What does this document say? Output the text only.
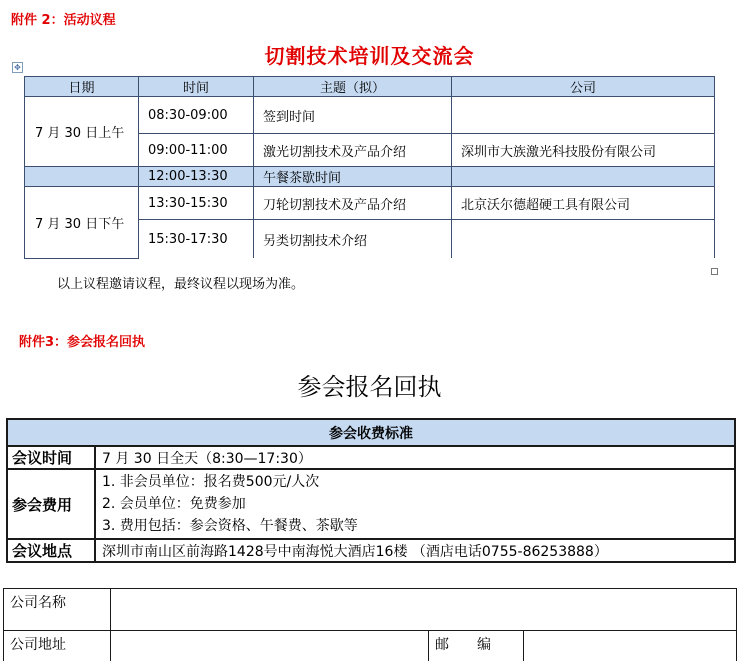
附件 2：活动议程
切割技术培训及交流会
✥
日期	时间	主题（拟）	公司
7 月 30 日上午	08:30-09:00	签到时间	
	09:00-11:00	激光切割技术及产品介绍	深圳市大族激光科技股份有限公司
	12:00-13:30	午餐茶歇时间	
7 月 30 日下午	13:30-15:30	刀轮切割技术及产品介绍	北京沃尔德超硬工具有限公司
	15:30-17:30	另类切割技术介绍	
以上议程邀请议程，最终议程以现场为准。
附件3：参会报名回执
参会报名回执
参会收费标准	
会议时间	7 月 30 日全天（8:30—17:30）
参会费用	1. 非会员单位：报名费500元/人次
2. 会员单位：免费参加
3. 费用包括：参会资格、午餐费、茶歇等

会议地点	深圳市南山区前海路1428号中南海悦大酒店16楼 （酒店电话0755-86253888）
公司名称			
公司地址		邮　　编	
